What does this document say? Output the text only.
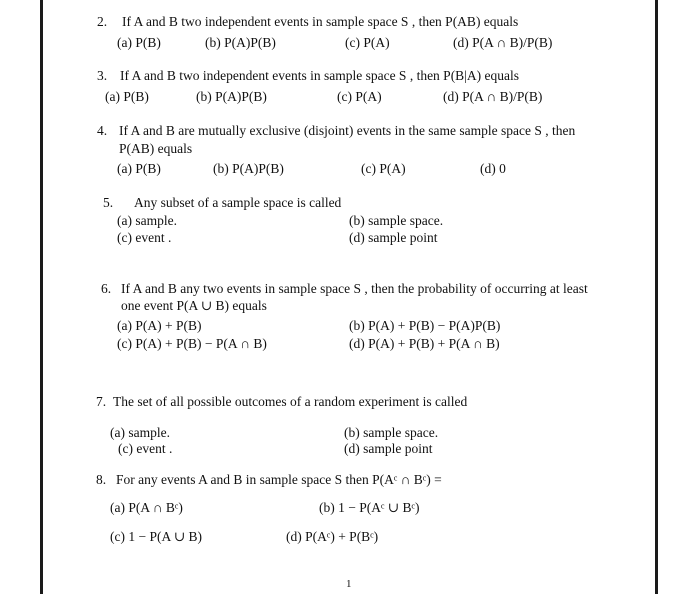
2. If A and B two independent events in sample space S , then P(AB) equals
(a) P(B)	(b) P(A)P(B)	(c) P(A)	(d) P(A ∩ B)/P(B)
3. If A and B two independent events in sample space S , then P(B|A) equals
(a) P(B)	(b) P(A)P(B)	(c) P(A)	(d) P(A ∩ B)/P(B)
4. If A and B are mutually exclusive (disjoint) events in the same sample space S , then
P(AB) equals
(a) P(B)	(b) P(A)P(B)	(c) P(A)	(d) 0
5. Any subset of a sample space is called
(a) sample.	(b) sample space.
(c) event .	(d) sample point
6. If A and B any two events in sample space S , then the probability of occurring at least
one event P(A ∪ B) equals
(a) P(A) + P(B)	(b) P(A) + P(B) − P(A)P(B)
(c) P(A) + P(B) − P(A ∩ B)	(d) P(A) + P(B) + P(A ∩ B)
7. The set of all possible outcomes of a random experiment is called
(a) sample.	(b) sample space.
(c) event .	(d) sample point
8. For any events A and B in sample space S then P(Aᶜ ∩ Bᶜ) =
(a) P(A ∩ Bᶜ)	(b) 1 − P(Aᶜ ∪ Bᶜ)
(c) 1 − P(A ∪ B)	(d) P(Aᶜ) + P(Bᶜ)
1
